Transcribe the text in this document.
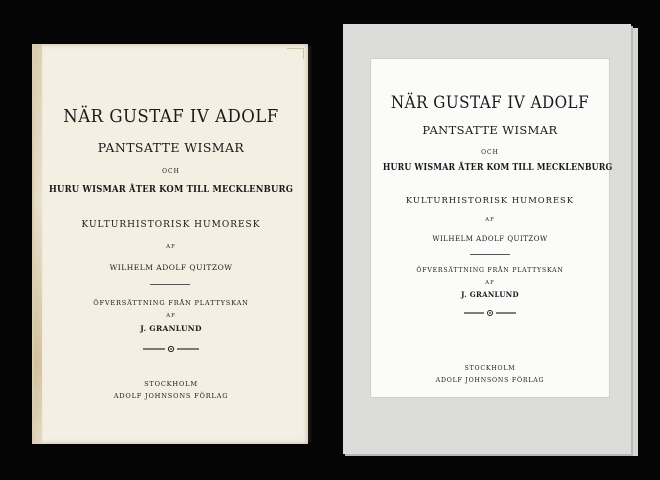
NÄR GUSTAF IV ADOLF
PANTSATTE WISMAR
OCH
HURU WISMAR ÅTER KOM TILL MECKLENBURG
KULTURHISTORISK HUMORESK
AF
WILHELM ADOLF QUITZOW
ÖFVERSÄTTNING FRÅN PLATTYSKAN
AF
J. GRANLUND
STOCKHOLM
ADOLF JOHNSONS FÖRLAG
NÄR GUSTAF IV ADOLF
PANTSATTE WISMAR
OCH
HURU WISMAR ÅTER KOM TILL MECKLENBURG
KULTURHISTORISK HUMORESK
AF
WILHELM ADOLF QUITZOW
ÖFVERSÄTTNING FRÅN PLATTYSKAN
AF
J. GRANLUND
STOCKHOLM
ADOLF JOHNSONS FÖRLAG
